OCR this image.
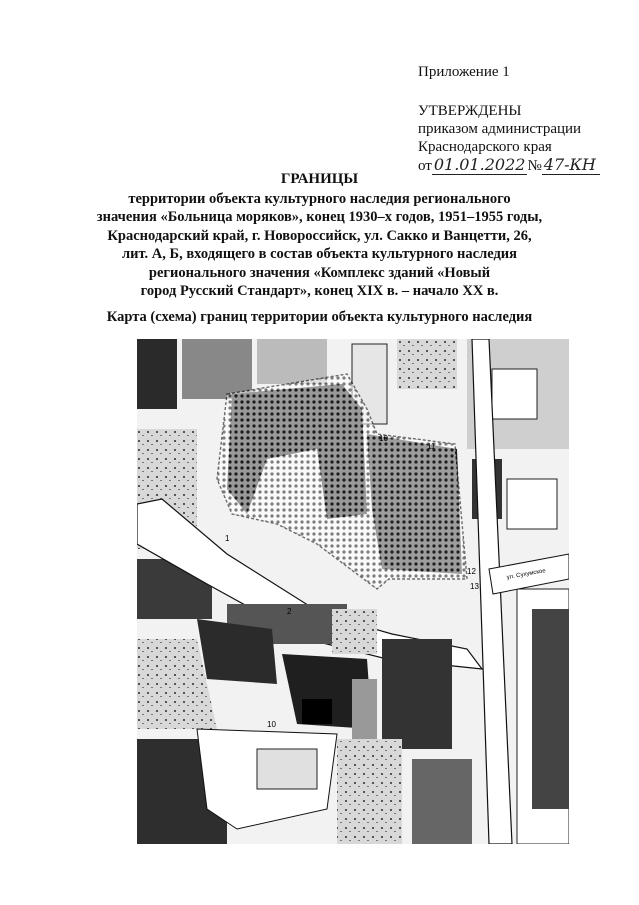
Приложение 1
УТВЕРЖДЕНЫ
приказом администрации
Краснодарского края
от 01.01.2022 № 47-КН
ГРАНИЦЫ
территории объекта культурного наследия регионального
значения «Больница моряков», конец 1930–х годов, 1951–1955 годы,
Краснодарский край, г. Новороссийск, ул. Сакко и Ванцетти, 26,
лит. А, Б, входящего в состав объекта культурного наследия
регионального значения «Комплекс зданий «Новый
город Русский Стандарт», конец XIX в. – начало XX в.
Карта (схема) границ территории объекта культурного наследия
10
11
12
13
1
2
10
ул. Сухумское
